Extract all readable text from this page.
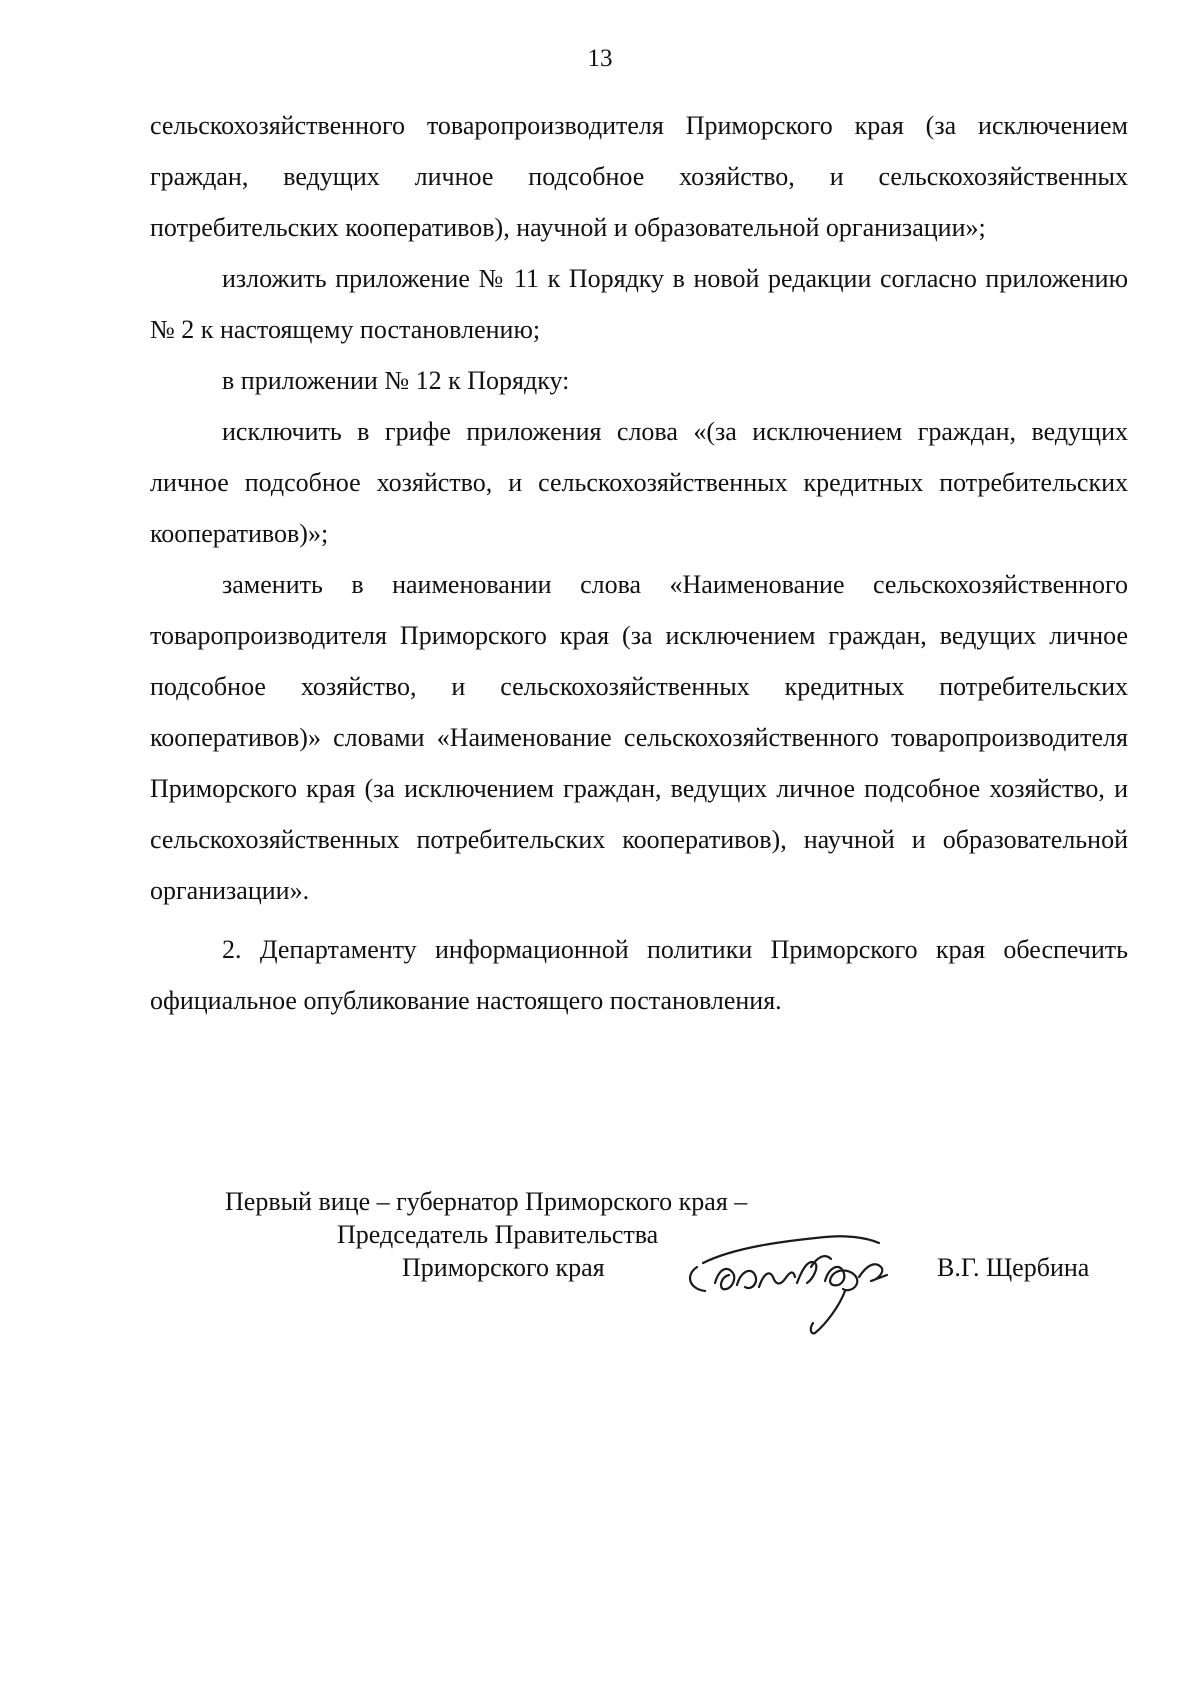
13

сельскохозяйственного товаропроизводителя Приморского края (за исключением граждан, ведущих личное подсобное хозяйство, и сельскохозяйственных потребительских кооперативов), научной и образовательной организации»;

изложить приложение № 11 к Порядку в новой редакции согласно приложению № 2 к настоящему постановлению;

в приложении № 12 к Порядку:

исключить в грифе приложения слова «(за исключением граждан, ведущих личное подсобное хозяйство, и сельскохозяйственных кредитных потребительских кооперативов)»;

заменить в наименовании слова «Наименование сельскохозяйственного товаропроизводителя Приморского края (за исключением граждан, ведущих личное подсобное хозяйство, и сельскохозяйственных кредитных потребительских кооперативов)» словами «Наименование сельскохозяйственного товаропроизводителя Приморского края (за исключением граждан, ведущих личное подсобное хозяйство, и сельскохозяйственных потребительских кооперативов), научной и образовательной организации».

2. Департаменту информационной политики Приморского края обеспечить официальное опубликование настоящего постановления.

Первый вице – губернатор Приморского края –
Председатель Правительства
Приморского края	В.Г. Щербина
